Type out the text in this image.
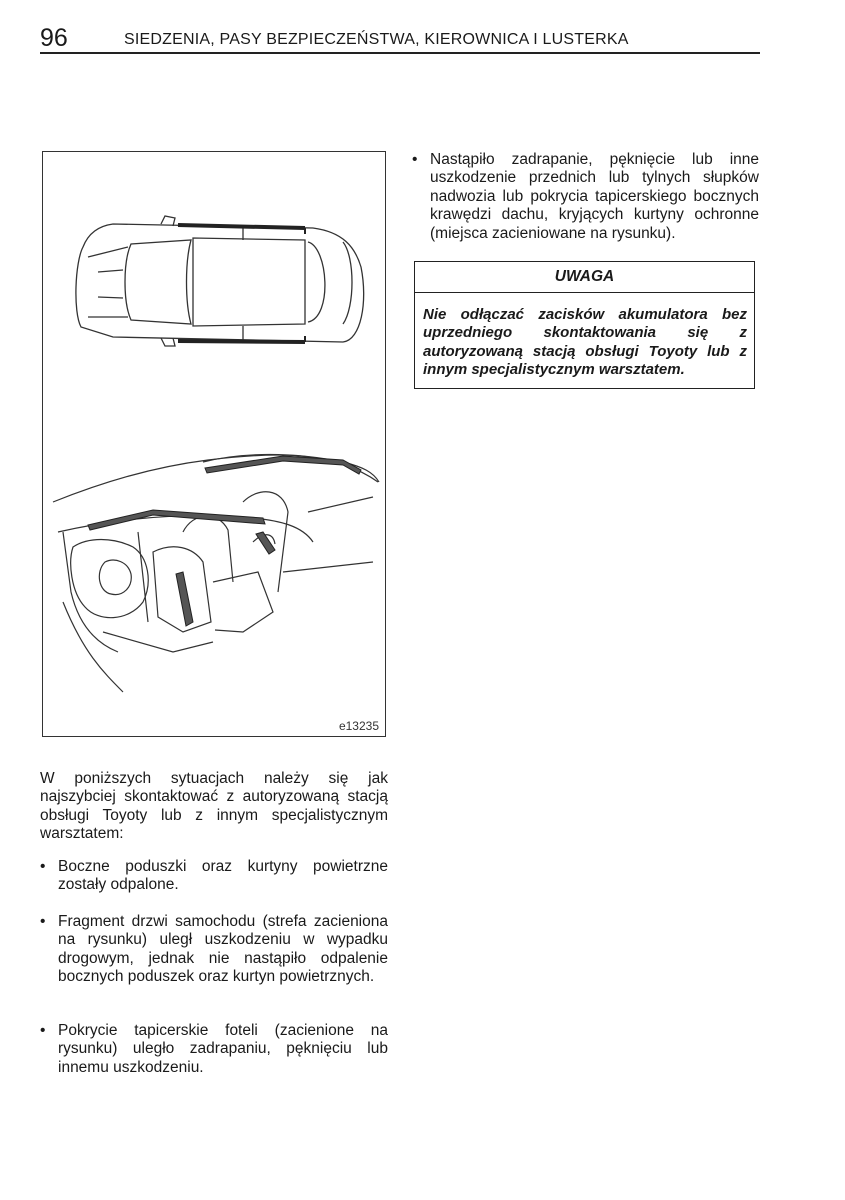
96	SIEDZENIA, PASY BEZPIECZEŃSTWA, KIEROWNICA I LUSTERKA
e13235
W poniższych sytuacjach należy się jak najszybciej skontaktować z autoryzowaną stacją obsługi Toyoty lub z innym specjalistycznym warsztatem:
• Boczne poduszki oraz kurtyny powietrzne zostały odpalone.
• Fragment drzwi samochodu (strefa zacieniona na rysunku) uległ uszkodzeniu w wypadku drogowym, jednak nie nastąpiło odpalenie bocznych poduszek oraz kurtyn powietrznych.
• Pokrycie tapicerskie foteli (zacienione na rysunku) uległo zadrapaniu, pęknięciu lub innemu uszkodzeniu.
• Nastąpiło zadrapanie, pęknięcie lub inne uszkodzenie przednich lub tylnych słupków nadwozia lub pokrycia tapicerskiego bocznych krawędzi dachu, kryjących kurtyny ochronne (miejsca zacieniowane na rysunku).
UWAGA
Nie odłączać zacisków akumulatora bez uprzedniego skontaktowania się z autoryzowaną stacją obsługi Toyoty lub z innym specjalistycznym warsztatem.
